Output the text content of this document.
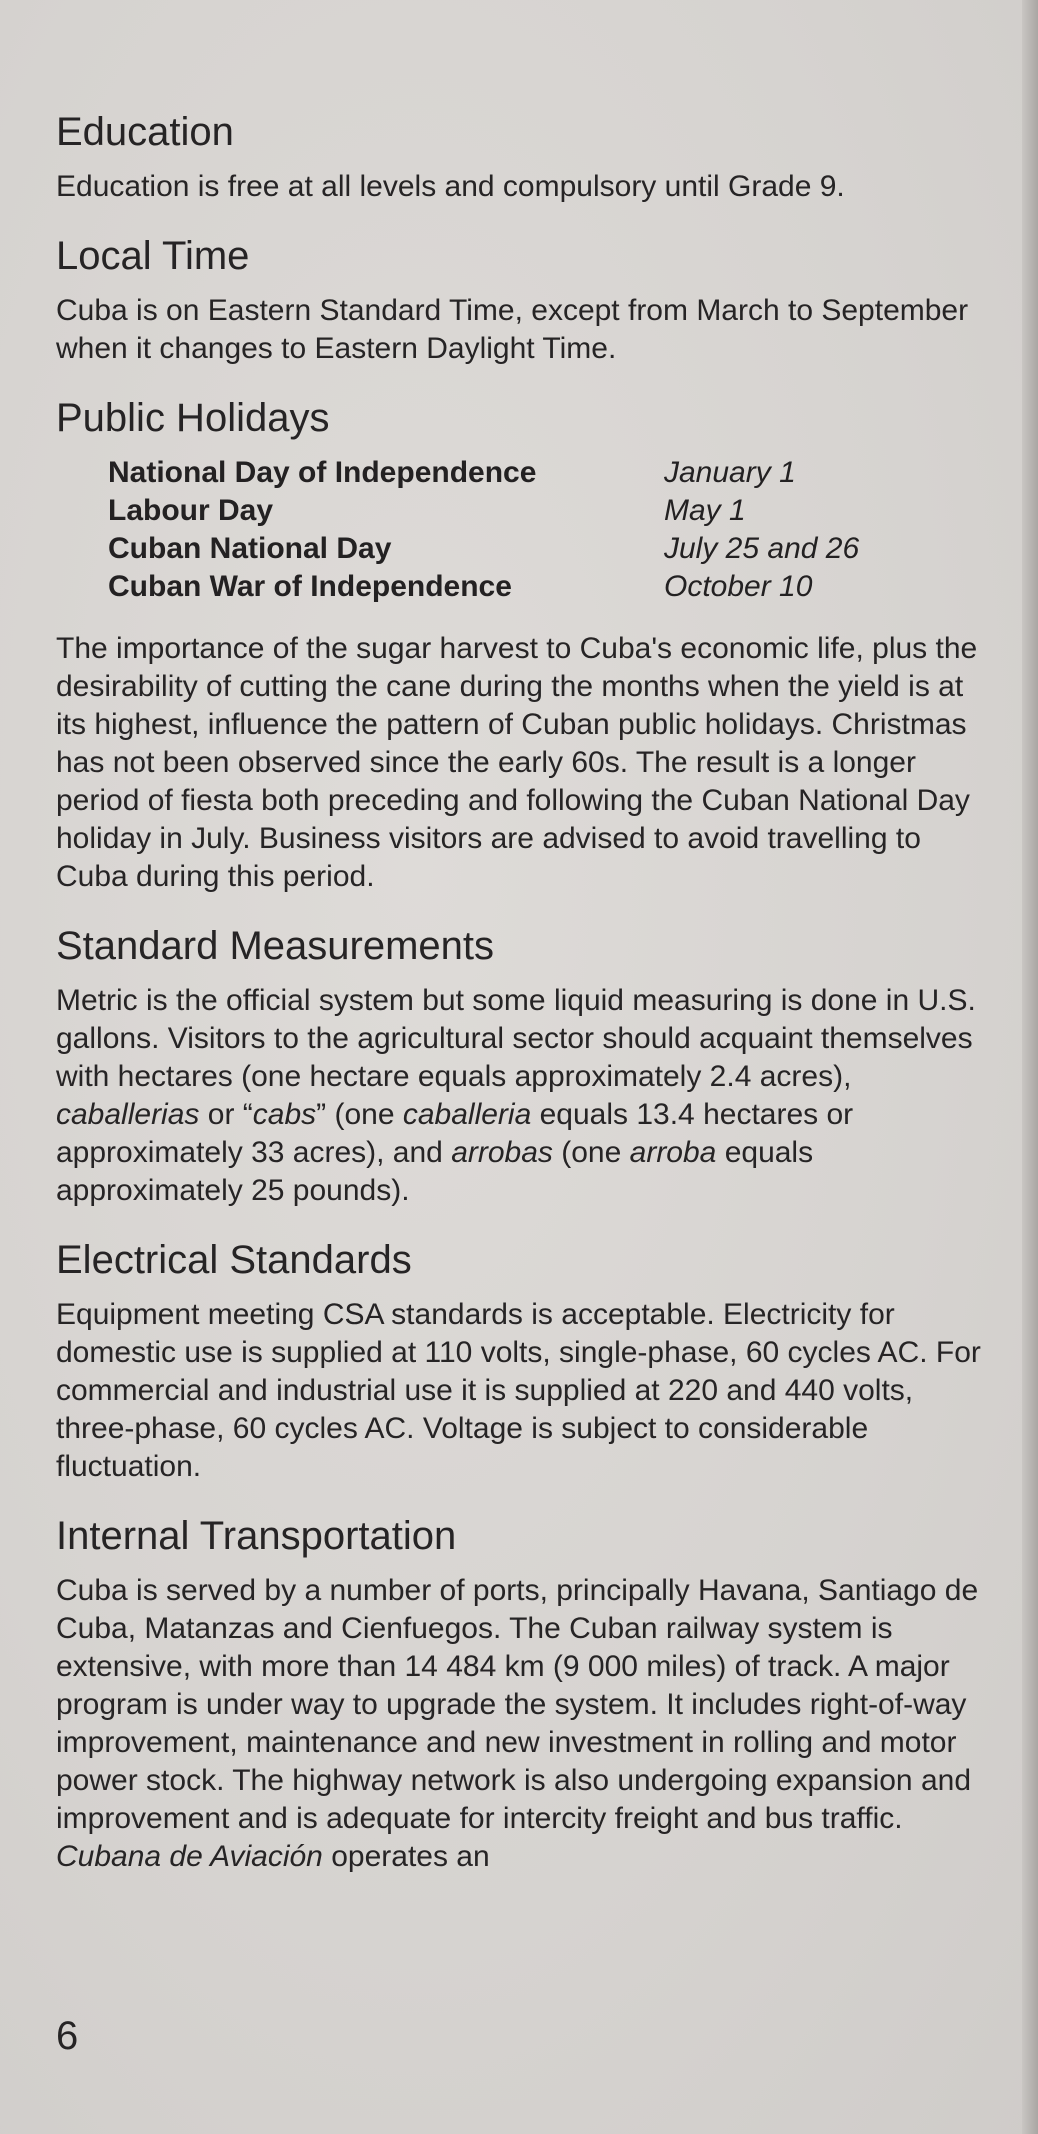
Education

Education is free at all levels and compulsory until Grade 9.

Local Time

Cuba is on Eastern Standard Time, except from March to September when it changes to Eastern Daylight Time.

Public Holidays
National Day of Independence	January 1
Labour Day	May 1
Cuban National Day	July 25 and 26
Cuban War of Independence	October 10

The importance of the sugar harvest to Cuba's economic life, plus the desirability of cutting the cane during the months when the yield is at its highest, influence the pattern of Cuban public holidays. Christmas has not been observed since the early 60s. The result is a longer period of fiesta both preceding and following the Cuban National Day holiday in July. Business visitors are advised to avoid travelling to Cuba during this period.

Standard Measurements

Metric is the official system but some liquid measuring is done in U.S. gallons. Visitors to the agricultural sector should acquaint themselves with hectares (one hectare equals approximately 2.4 acres), caballerias or “cabs” (one caballeria equals 13.4 hectares or approximately 33 acres), and arrobas (one arroba equals approximately 25 pounds).

Electrical Standards

Equipment meeting CSA standards is acceptable. Electricity for domestic use is supplied at 110 volts, single-phase, 60 cycles AC. For commercial and industrial use it is supplied at 220 and 440 volts, three-phase, 60 cycles AC. Voltage is subject to considerable fluctuation.

Internal Transportation

Cuba is served by a number of ports, principally Havana, Santiago de Cuba, Matanzas and Cienfuegos. The Cuban railway system is extensive, with more than 14 484 km (9 000 miles) of track. A major program is under way to upgrade the system. It includes right-of-way improvement, maintenance and new investment in rolling and motor power stock. The highway network is also undergoing expansion and improvement and is adequate for intercity freight and bus traffic. Cubana de Aviación operates an

6
